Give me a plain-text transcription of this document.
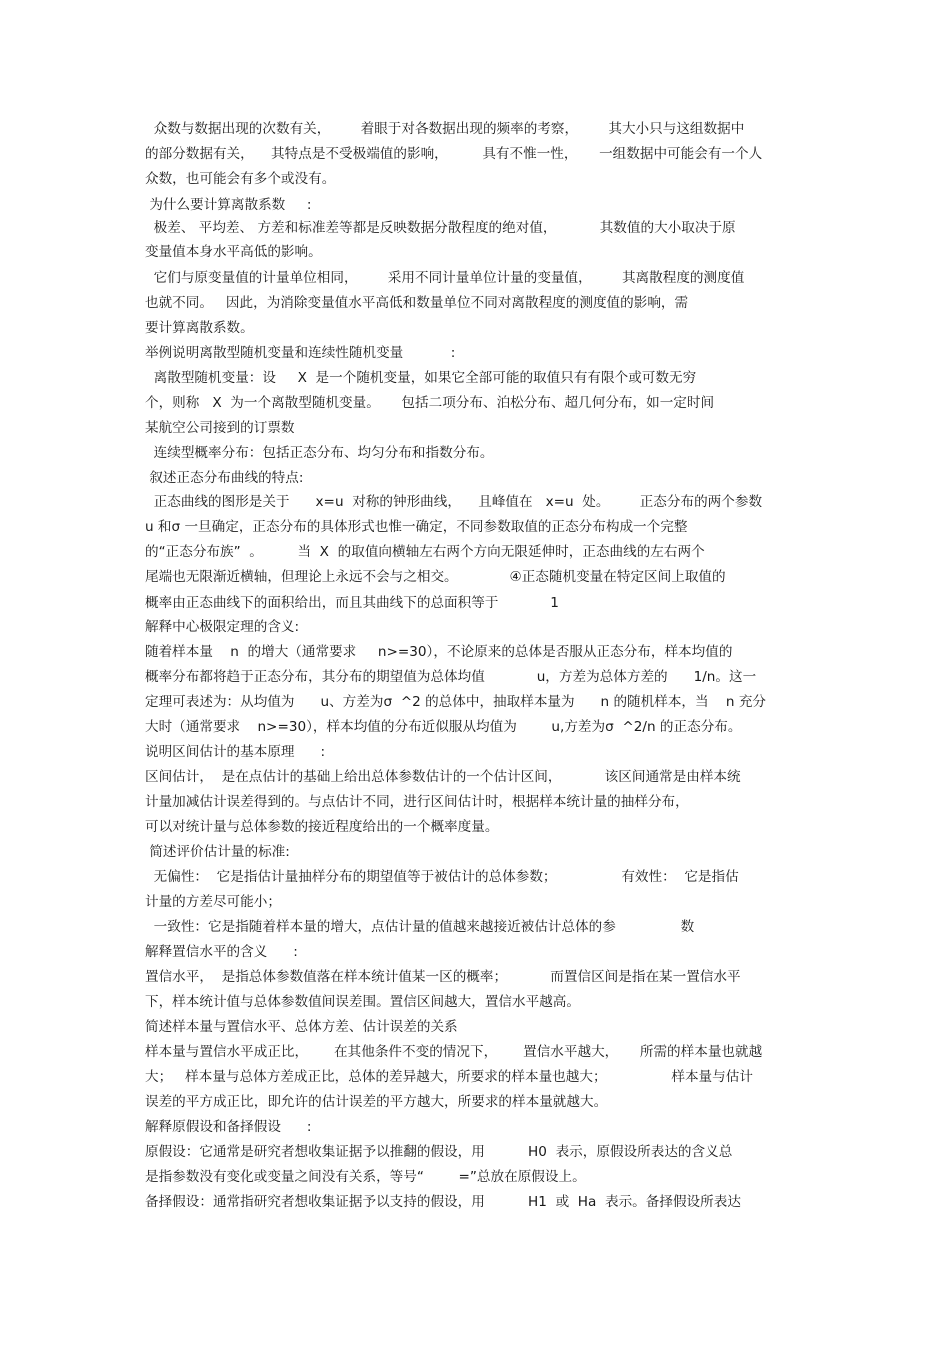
众数与数据出现的次数有关，       着眼于对各数据出现的频率的考察，       其大小只与这组数据中
的部分数据有关，    其特点是不受极端值的影响，        具有不惟一性，     一组数据中可能会有一个人
众数，也可能会有多个或没有。
为什么要计算离散系数     :
极差、 平均差、 方差和标准差等都是反映数据分散程度的绝对值，          其数值的大小取决于原
变量值本身水平高低的影响。
它们与原变量值的计量单位相同，       采用不同计量单位计量的变量值，       其离散程度的测度值
也就不同。   因此，为消除变量值水平高低和数量单位不同对离散程度的测度值的影响，需
要计算离散系数。
举例说明离散型随机变量和连续性随机变量           :
离散型随机变量：设     X  是一个随机变量，如果它全部可能的取值只有有限个或可数无穷
个，则称   X  为一个离散型随机变量。     包括二项分布、泊松分布、超几何分布，如一定时间
某航空公司接到的订票数
连续型概率分布：包括正态分布、均匀分布和指数分布。
叙述正态分布曲线的特点:
正态曲线的图形是关于      x=u  对称的钟形曲线，    且峰值在   x=u  处。       正态分布的两个参数
u 和σ 一旦确定，正态分布的具体形式也惟一确定，不同参数取值的正态分布构成一个完整
的“正态分布族”  。        当  X  的取值向横轴左右两个方向无限延伸时，正态曲线的左右两个
尾端也无限渐近横轴，但理论上永远不会与之相交。            ④正态随机变量在特定区间上取值的
概率由正态曲线下的面积给出，而且其曲线下的总面积等于            1
解释中心极限定理的含义:
随着样本量    n  的增大（通常要求     n>=30），不论原来的总体是否服从正态分布，样本均值的
概率分布都将趋于正态分布，其分布的期望值为总体均值            u，方差为总体方差的      1/n。这一
定理可表述为：从均值为      u、方差为σ  ^2 的总体中，抽取样本量为      n 的随机样本，当    n 充分
大时（通常要求    n>=30），样本均值的分布近似服从均值为        u,方差为σ  ^2/n 的正态分布。
说明区间估计的基本原理      :
区间估计，  是在点估计的基础上给出总体参数估计的一个估计区间，          该区间通常是由样本统
计量加减估计误差得到的。与点估计不同，进行区间估计时，根据样本统计量的抽样分布，
可以对统计量与总体参数的接近程度给出的一个概率度量。
简述评价估计量的标准:
无偏性：  它是指估计量抽样分布的期望值等于被估计的总体参数；               有效性：  它是指估
计量的方差尽可能小；
一致性：它是指随着样本量的增大，点估计量的值越来越接近被估计总体的参               数
解释置信水平的含义      :
置信水平，  是指总体参数值落在样本统计值某一区的概率；          而置信区间是指在某一置信水平
下，样本统计值与总体参数值间误差围。置信区间越大，置信水平越高。
简述样本量与置信水平、总体方差、估计误差的关系
样本量与置信水平成正比，      在其他条件不变的情况下，      置信水平越大，     所需的样本量也就越
大；   样本量与总体方差成正比，总体的差异越大，所要求的样本量也越大；               样本量与估计
误差的平方成正比，即允许的估计误差的平方越大，所要求的样本量就越大。
解释原假设和备择假设      :
原假设：它通常是研究者想收集证据予以推翻的假设，用          H0  表示，原假设所表达的含义总
是指参数没有变化或变量之间没有关系，等号“        =”总放在原假设上。
备择假设：通常指研究者想收集证据予以支持的假设，用          H1  或  Ha  表示。备择假设所表达
